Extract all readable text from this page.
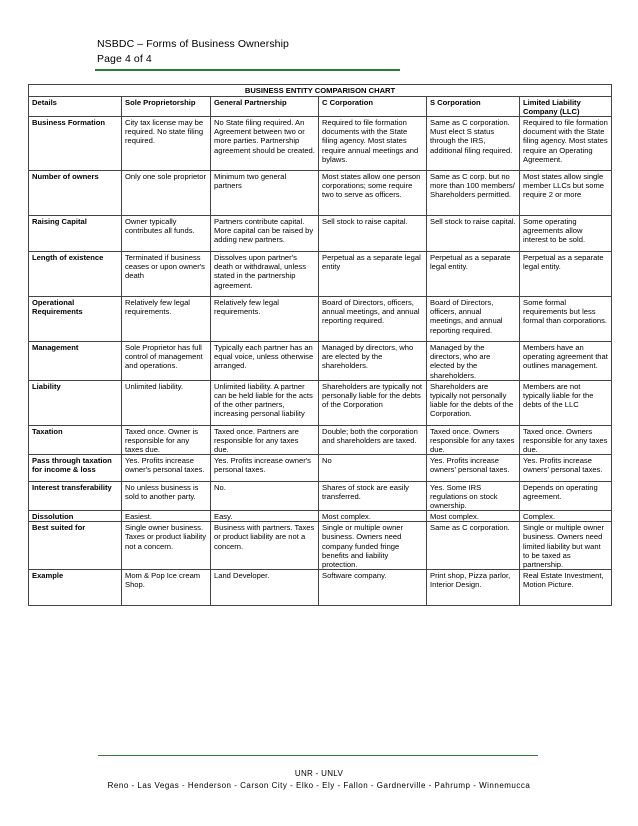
NSBDC – Forms of Business Ownership
Page 4 of 4
BUSINESS ENTITY COMPARISON CHART					
Details	Sole Proprietorship	General Partnership	C Corporation	S Corporation	Limited Liability Company (LLC)
Business Formation	City tax license may be required. No state filing required.	No State filing required. An Agreement between two or more parties. Partnership agreement should be created.	Required to file formation documents with the State filing agency. Most states require annual meetings and bylaws.	Same as C corporation. Must elect S status through the IRS, additional filing required.	Required to file formation document with the State filing agency. Most states require an Operating Agreement.
Number of owners	Only one sole proprietor	Minimum two general partners	Most states allow one person corporations; some require two to serve as officers.	Same as C corp. but no more than 100 members/ Shareholders permitted.	Most states allow single member LLCs but some require 2 or more
Raising Capital	Owner typically contributes all funds.	Partners contribute capital. More capital can be raised by adding new partners.	Sell stock to raise capital.	Sell stock to raise capital.	Some operating agreements allow interest to be sold.
Length of existence	Terminated if business ceases or upon owner's death	Dissolves upon partner's death or withdrawal, unless stated in the partnership agreement.	Perpetual as a separate legal entity	Perpetual as a separate legal entity.	Perpetual as a separate legal entity.
Operational Requirements	Relatively few legal requirements.	Relatively few legal requirements.	Board of Directors, officers, annual meetings, and annual reporting required.	Board of Directors, officers, annual meetings, and annual reporting required.	Some formal requirements but less formal than corporations.
Management	Sole Proprietor has full control of management and operations.	Typically each partner has an equal voice, unless otherwise arranged.	Managed by directors, who are elected by the shareholders.	Managed by the directors, who are elected by the shareholders.	Members have an operating agreement that outlines management.
Liability	Unlimited liability.	Unlimited liability. A partner can be held liable for the acts of the other partners, increasing personal liability	Shareholders are typically not personally liable for the debts of the Corporation	Shareholders are typically not personally liable for the debts of the Corporation.	Members are not typically liable for the debts of the LLC
Taxation	Taxed once. Owner is responsible for any taxes due.	Taxed once. Partners are responsible for any taxes due.	Double; both the corporation and shareholders are taxed.	Taxed once. Owners responsible for any taxes due.	Taxed once. Owners responsible for any taxes due.
Pass through taxation for income & loss	Yes. Profits increase owner's personal taxes.	Yes. Profits increase owner's personal taxes.	No	Yes. Profits increase owners' personal taxes.	Yes. Profits increase owners' personal taxes.
Interest transferability	No unless business is sold to another party.	No.	Shares of stock are easily transferred.	Yes. Some IRS regulations on stock ownership.	Depends on operating agreement.
Dissolution	Easiest.	Easy.	Most complex.	Most complex.	Complex.
Best suited for	Single owner business. Taxes or product liability not a concern.	Business with partners. Taxes or product liability are not a concern.	Single or multiple owner business. Owners need company funded fringe benefits and liability protection.	Same as C corporation.	Single or multiple owner business. Owners need limited liability but want to be taxed as partnership.
Example	Mom & Pop Ice cream Shop.	Land Developer.	Software company.	Print shop, Pizza parlor, Interior Design.	Real Estate Investment, Motion Picture.
UNR - UNLV
Reno - Las Vegas - Henderson - Carson City - Elko - Ely - Fallon - Gardnerville - Pahrump - Winnemucca
